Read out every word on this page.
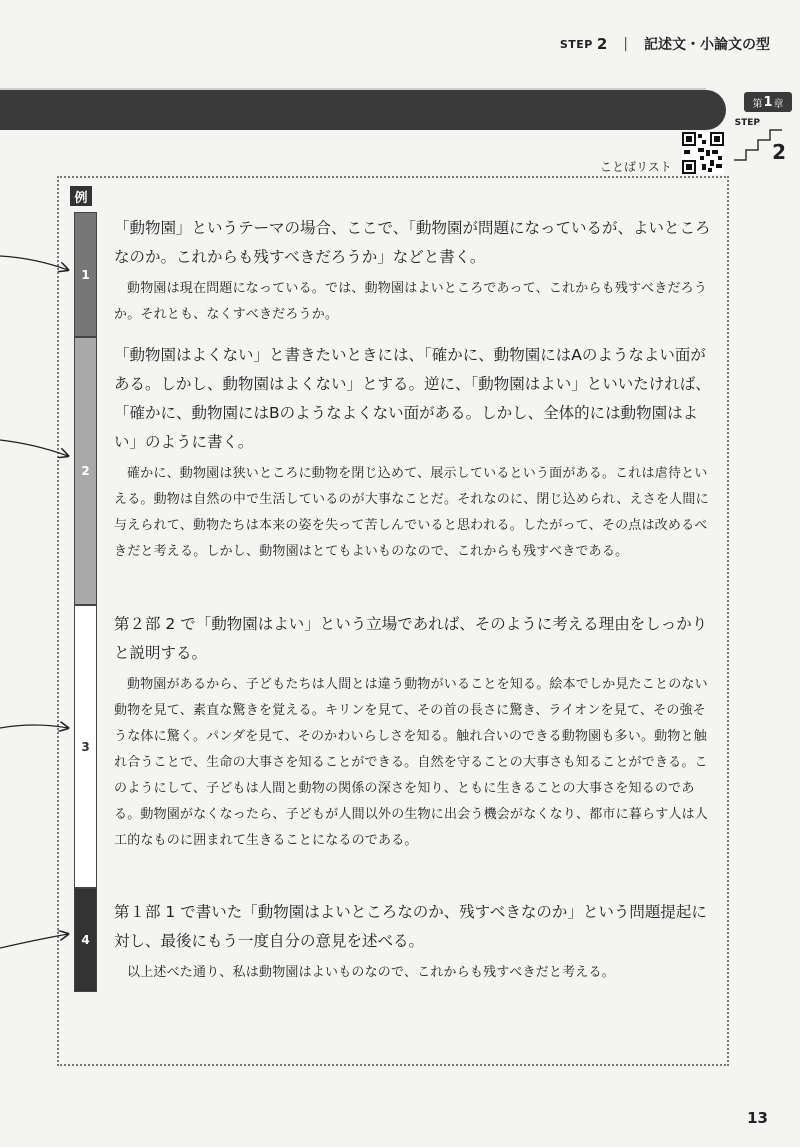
STEP 2 | 記述文・小論文の型
第 1 章
STEP
2
ことばリスト
例
1
2
3
4

「動物園」というテーマの場合、ここで、「動物園が問題になっているが、よいところなのか。これからも残すべきだろうか」などと書く。

動物園は現在問題になっている。では、動物園はよいところであって、これからも残すべきだろうか。それとも、なくすべきだろうか。

「動物園はよくない」と書きたいときには、「確かに、動物園にはAのようなよい面がある。しかし、動物園はよくない」とする。逆に、「動物園はよい」といいたければ、「確かに、動物園にはBのようなよくない面がある。しかし、全体的には動物園はよい」のように書く。

確かに、動物園は狭いところに動物を閉じ込めて、展示しているという面がある。これは虐待といえる。動物は自然の中で生活しているのが大事なことだ。それなのに、閉じ込められ、えさを人間に与えられて、動物たちは本来の姿を失って苦しんでいると思われる。したがって、その点は改めるべきだと考える。しかし、動物園はとてもよいものなので、これからも残すべきである。

第２部 2 で「動物園はよい」という立場であれば、そのように考える理由をしっかりと説明する。

動物園があるから、子どもたちは人間とは違う動物がいることを知る。絵本でしか見たことのない動物を見て、素直な驚きを覚える。キリンを見て、その首の長さに驚き、ライオンを見て、その強そうな体に驚く。パンダを見て、そのかわいらしさを知る。触れ合いのできる動物園も多い。動物と触れ合うことで、生命の大事さを知ることができる。自然を守ることの大事さも知ることができる。このようにして、子どもは人間と動物の関係の深さを知り、ともに生きることの大事さを知るのである。動物園がなくなったら、子どもが人間以外の生物に出会う機会がなくなり、都市に暮らす人は人工的なものに囲まれて生きることになるのである。

第１部 1 で書いた「動物園はよいところなのか、残すべきなのか」という問題提起に対し、最後にもう一度自分の意見を述べる。

以上述べた通り、私は動物園はよいものなので、これからも残すべきだと考える。

13
